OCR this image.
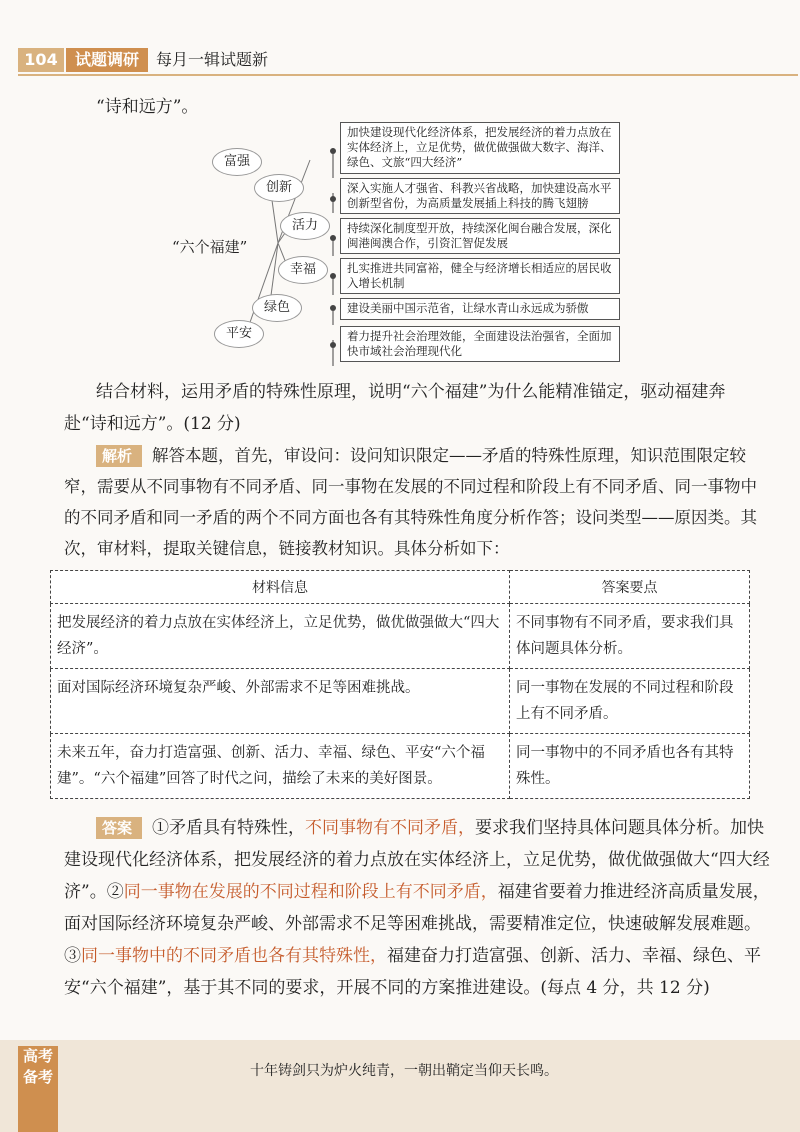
104	试题调研	每月一辑试题新
“诗和远方”。
“六个福建”
富强
创新
活力
幸福
绿色
平安
加快建设现代化经济体系，把发展经济的着力点放在实体经济上，立足优势，做优做强做大数字、海洋、绿色、文旅“四大经济”
深入实施人才强省、科教兴省战略，加快建设高水平创新型省份，为高质量发展插上科技的腾飞翅膀
持续深化制度型开放，持续深化闽台融合发展，深化闽港闽澳合作，引资汇智促发展
扎实推进共同富裕，健全与经济增长相适应的居民收入增长机制
建设美丽中国示范省，让绿水青山永远成为骄傲
着力提升社会治理效能，全面建设法治强省，全面加快市域社会治理现代化
结合材料，运用矛盾的特殊性原理，说明“六个福建”为什么能精准锚定，驱动福建奔赴“诗和远方”。(12 分)
解析 解答本题，首先，审设问：设问知识限定——矛盾的特殊性原理，知识范围限定较窄，需要从不同事物有不同矛盾、同一事物在发展的不同过程和阶段上有不同矛盾、同一事物中的不同矛盾和同一矛盾的两个不同方面也各有其特殊性角度分析作答；设问类型——原因类。其次，审材料，提取关键信息，链接教材知识。具体分析如下：
材料信息	答案要点
把发展经济的着力点放在实体经济上，立足优势，做优做强做大“四大经济”。	不同事物有不同矛盾，要求我们具体问题具体分析。
面对国际经济环境复杂严峻、外部需求不足等困难挑战。	同一事物在发展的不同过程和阶段上有不同矛盾。
未来五年，奋力打造富强、创新、活力、幸福、绿色、平安“六个福建”。“六个福建”回答了时代之问，描绘了未来的美好图景。	同一事物中的不同矛盾也各有其特殊性。
答案 ①矛盾具有特殊性，不同事物有不同矛盾，要求我们坚持具体问题具体分析。加快建设现代化经济体系，把发展经济的着力点放在实体经济上，立足优势，做优做强做大“四大经济”。②同一事物在发展的不同过程和阶段上有不同矛盾，福建省要着力推进经济高质量发展，面对国际经济环境复杂严峻、外部需求不足等困难挑战，需要精准定位，快速破解发展难题。③同一事物中的不同矛盾也各有其特殊性，福建奋力打造富强、创新、活力、幸福、绿色、平安“六个福建”，基于其不同的要求，开展不同的方案推进建设。(每点 4 分，共 12 分)
高考备考	十年铸剑只为炉火纯青，一朝出鞘定当仰天长鸣。
